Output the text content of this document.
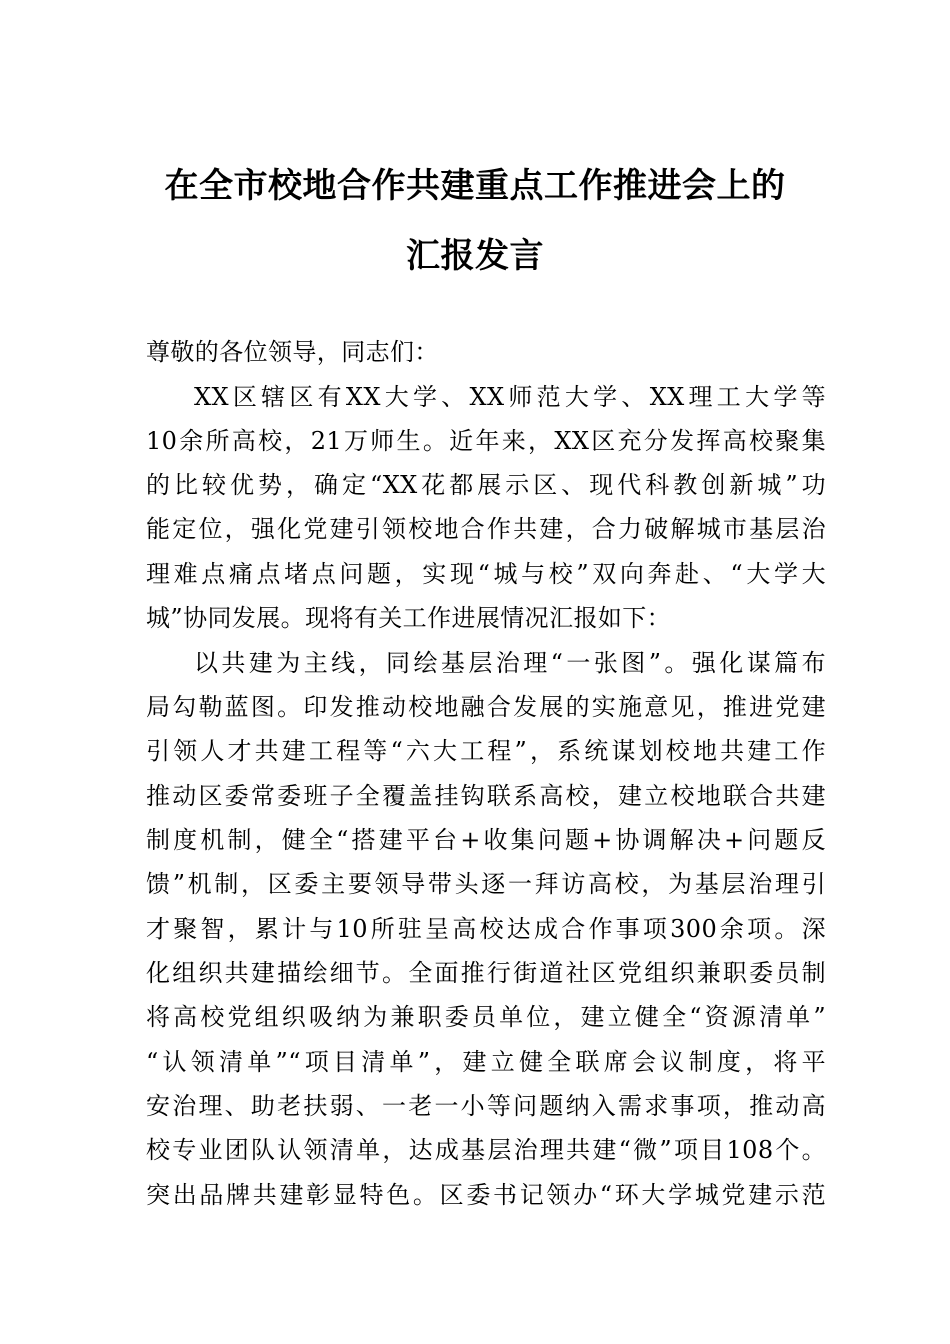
在全市校地合作共建重点工作推进会上的
汇报发言
尊敬的各位领导，同志们：
XX区辖区有XX大学、XX师范大学、XX理工大学等
10余所高校，21万师生。近年来，XX区充分发挥高校聚集
的比较优势，确定“XX花都展示区、现代科教创新城”功
能定位，强化党建引领校地合作共建，合力破解城市基层治
理难点痛点堵点问题，实现“城与校”双向奔赴、“大学大
城”协同发展。现将有关工作进展情况汇报如下：
以共建为主线，同绘基层治理“一张图”。强化谋篇布
局勾勒蓝图。印发推动校地融合发展的实施意见，推进党建
引领人才共建工程等“六大工程”，系统谋划校地共建工作
推动区委常委班子全覆盖挂钩联系高校，建立校地联合共建
制度机制，健全“搭建平台+收集问题+协调解决+问题反
馈”机制，区委主要领导带头逐一拜访高校，为基层治理引
才聚智，累计与10所驻呈高校达成合作事项300余项。深
化组织共建描绘细节。全面推行街道社区党组织兼职委员制
将高校党组织吸纳为兼职委员单位，建立健全“资源清单”
“认领清单”“项目清单”，建立健全联席会议制度，将平
安治理、助老扶弱、一老一小等问题纳入需求事项，推动高
校专业团队认领清单，达成基层治理共建“微”项目108个。
突出品牌共建彰显特色。区委书记领办“环大学城党建示范
